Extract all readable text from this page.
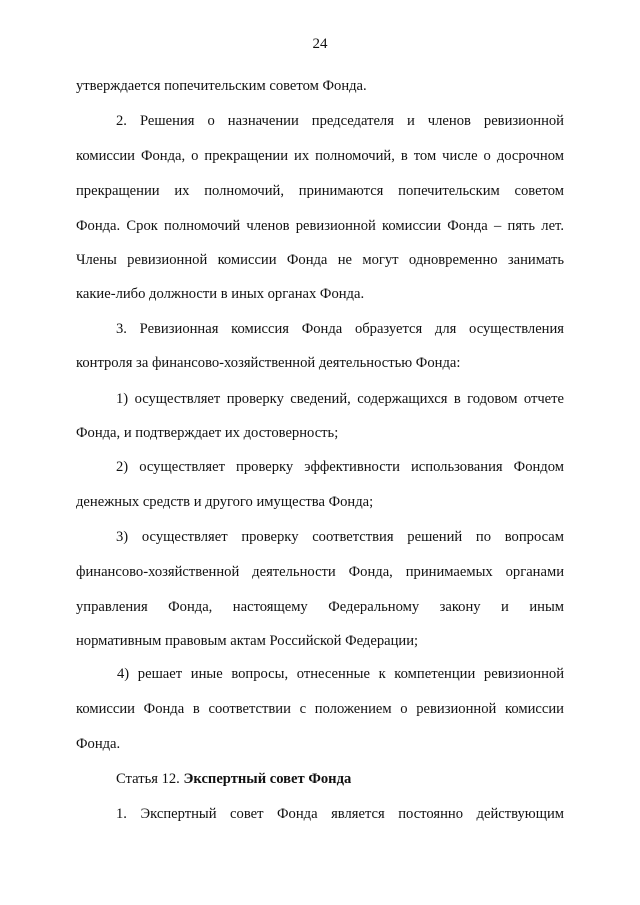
24
утверждается попечительским советом Фонда.
2. Решения о назначении председателя и членов ревизионной
комиссии Фонда, о прекращении их полномочий, в том числе о досрочном
прекращении их полномочий, принимаются попечительским советом
Фонда. Срок полномочий членов ревизионной комиссии Фонда – пять лет.
Члены ревизионной комиссии Фонда не могут одновременно занимать
какие-либо должности в иных органах Фонда.
3. Ревизионная комиссия Фонда образуется для осуществления
контроля за финансово-хозяйственной деятельностью Фонда:
1) осуществляет проверку сведений, содержащихся в годовом отчете
Фонда, и подтверждает их достоверность;
2) осуществляет проверку эффективности использования Фондом
денежных средств и другого имущества Фонда;
3) осуществляет проверку соответствия решений по вопросам
финансово-хозяйственной деятельности Фонда, принимаемых органами
управления Фонда, настоящему Федеральному закону и иным
нормативным правовым актам Российской Федерации;
4) решает иные вопросы, отнесенные к компетенции ревизионной
комиссии Фонда в соответствии с положением о ревизионной комиссии
Фонда.
Статья 12. Экспертный совет Фонда
1. Экспертный совет Фонда является постоянно действующим
